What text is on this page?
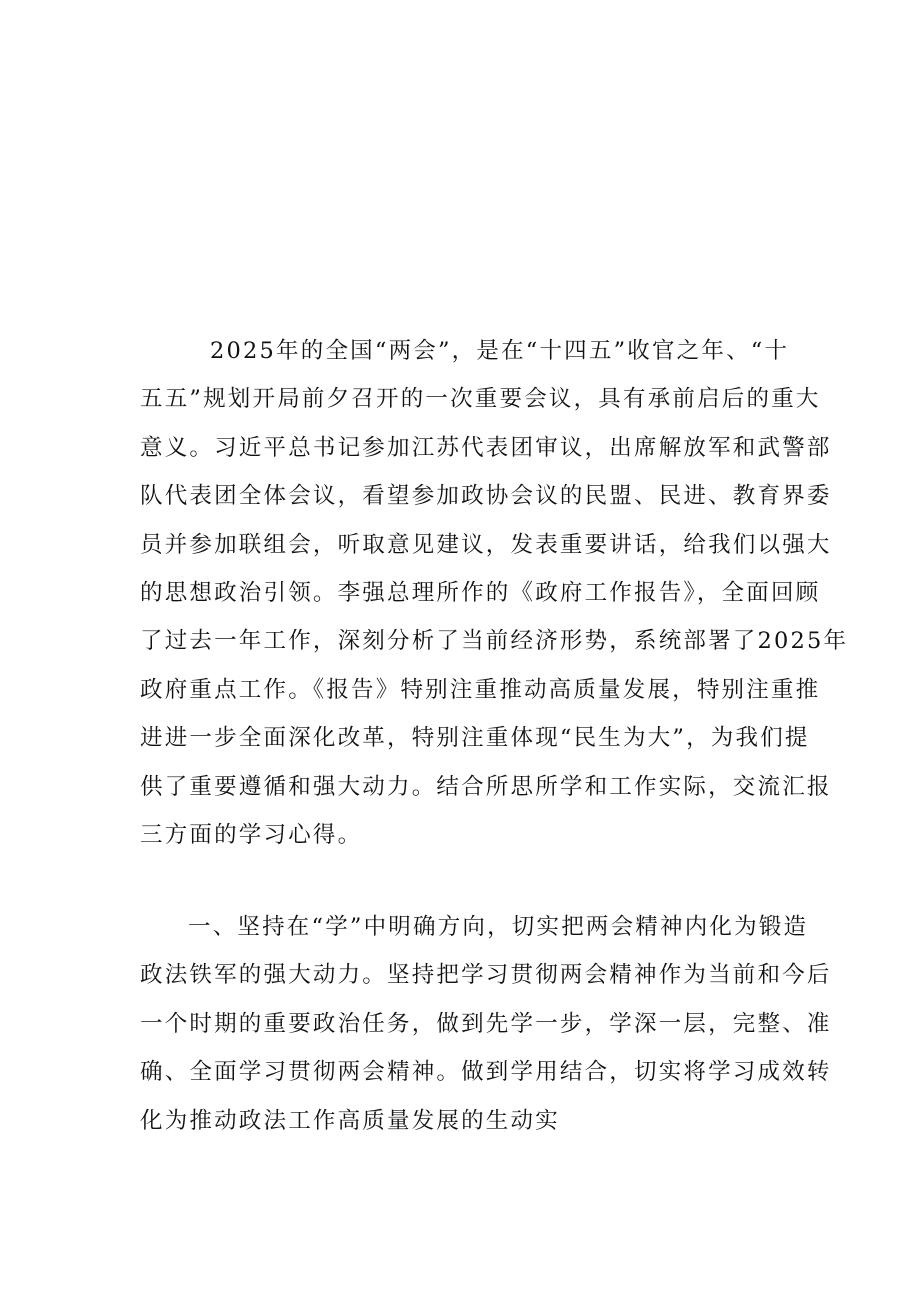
2025年的全国“两会”，是在“十四五”收官之年、“十
五五”规划开局前夕召开的一次重要会议，具有承前启后的重大
意义。习近平总书记参加江苏代表团审议，出席解放军和武警部
队代表团全体会议，看望参加政协会议的民盟、民进、教育界委
员并参加联组会，听取意见建议，发表重要讲话，给我们以强大
的思想政治引领。李强总理所作的《政府工作报告》，全面回顾
了过去一年工作，深刻分析了当前经济形势，系统部署了2025年
政府重点工作。《报告》特别注重推动高质量发展，特别注重推
进进一步全面深化改革，特别注重体现“民生为大”，为我们提
供了重要遵循和强大动力。结合所思所学和工作实际，交流汇报
三方面的学习心得。
一、坚持在“学”中明确方向，切实把两会精神内化为锻造
政法铁军的强大动力。坚持把学习贯彻两会精神作为当前和今后
一个时期的重要政治任务，做到先学一步，学深一层，完整、准
确、全面学习贯彻两会精神。做到学用结合，切实将学习成效转
化为推动政法工作高质量发展的生动实
